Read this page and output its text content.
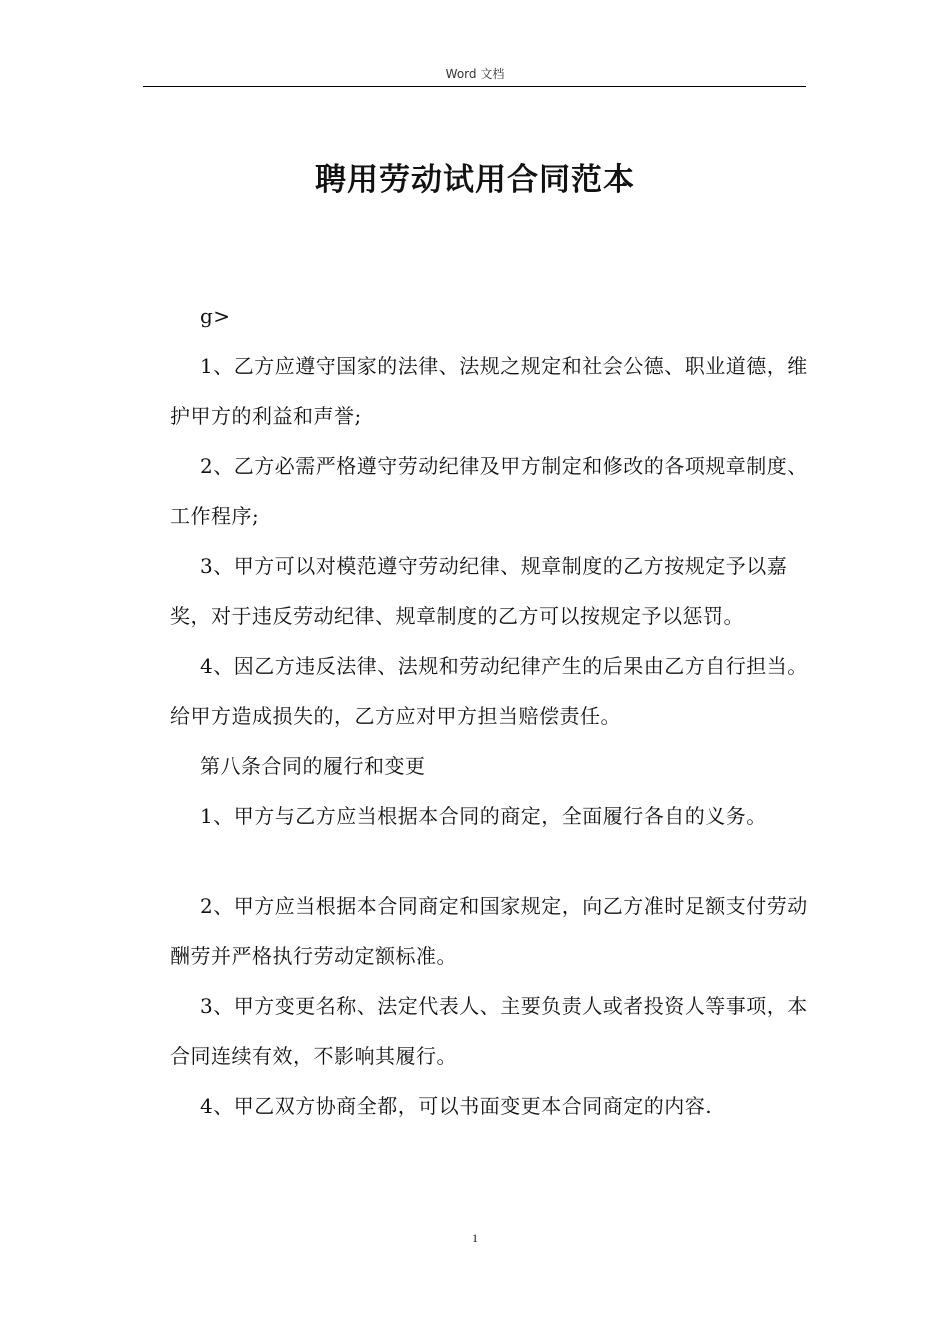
Word 文档
聘用劳动试用合同范本

g>

1、乙方应遵守国家的法律、法规之规定和社会公德、职业道德，维护甲方的利益和声誉;

2、乙方必需严格遵守劳动纪律及甲方制定和修改的各项规章制度、工作程序;

3、甲方可以对模范遵守劳动纪律、规章制度的乙方按规定予以嘉奖，对于违反劳动纪律、规章制度的乙方可以按规定予以惩罚。

4、因乙方违反法律、法规和劳动纪律产生的后果由乙方自行担当。给甲方造成损失的，乙方应对甲方担当赔偿责任。

第八条合同的履行和变更

1、甲方与乙方应当根据本合同的商定，全面履行各自的义务。

2、甲方应当根据本合同商定和国家规定，向乙方准时足额支付劳动酬劳并严格执行劳动定额标准。

3、甲方变更名称、法定代表人、主要负责人或者投资人等事项，本合同连续有效，不影响其履行。

4、甲乙双方协商全都，可以书面变更本合同商定的内容.

1
